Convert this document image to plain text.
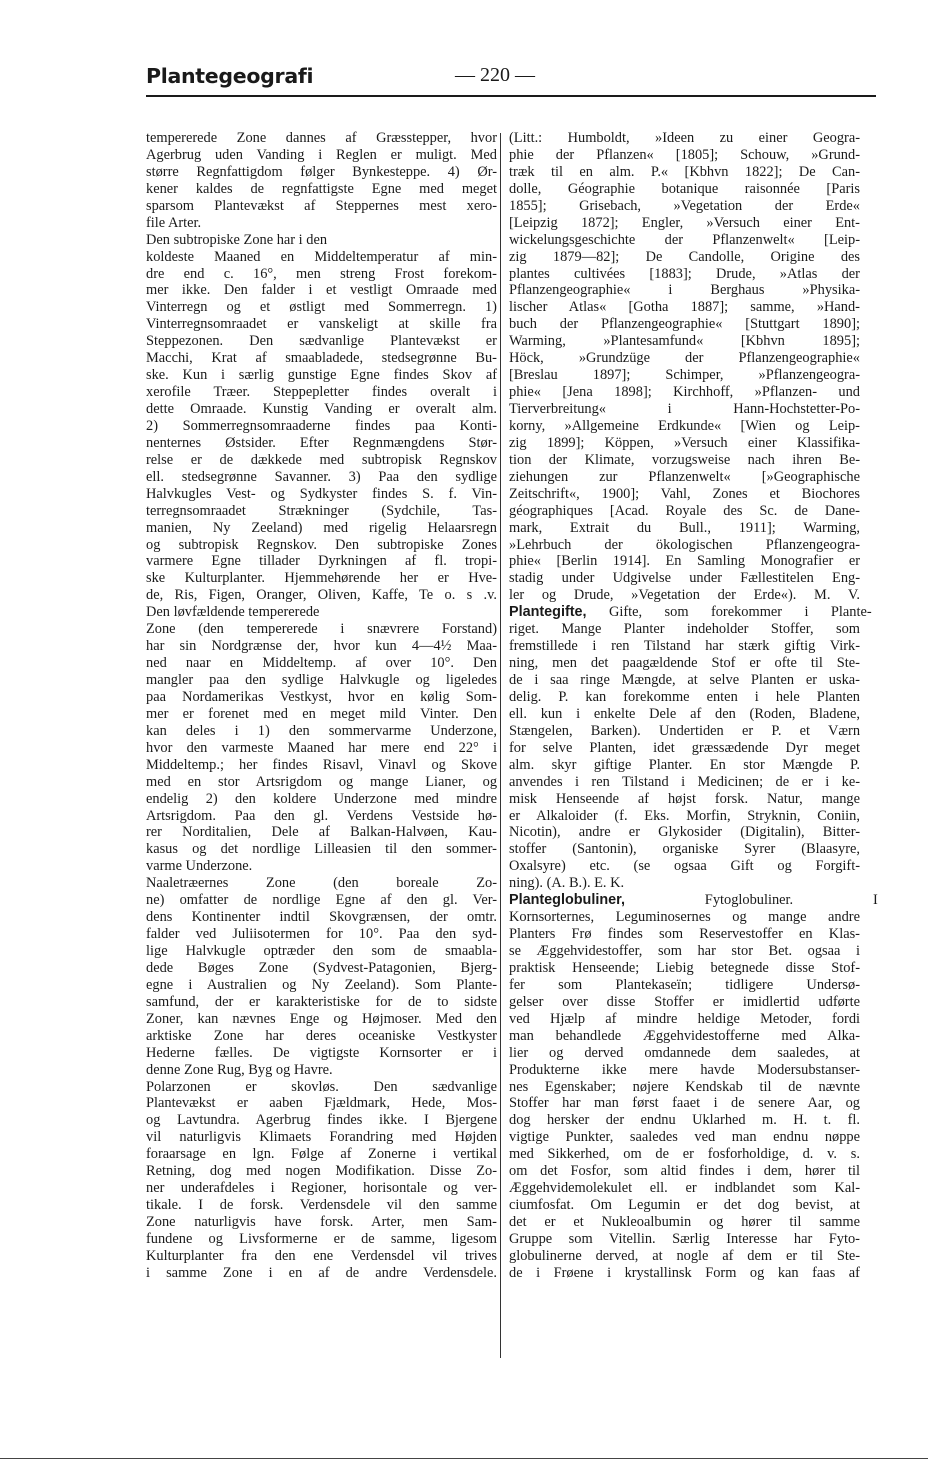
Plantegeografi	— 220 —
tempererede Zone dannes af Græsstepper, hvor
Agerbrug uden Vanding i Reglen er muligt. Med
større Regnfattigdom følger Bynkesteppe. 4) Ør-
kener kaldes de regnfattigste Egne med meget
sparsom Plantevækst af Steppernes mest xero-
file Arter.
Den subtropiske Zone har i den
koldeste Maaned en Middeltemperatur af min-
dre end c. 16°, men streng Frost forekom-
mer ikke. Den falder i et vestligt Omraade med
Vinterregn og et østligt med Sommerregn. 1)
Vinterregnsomraadet er vanskeligt at skille fra
Steppezonen. Den sædvanlige Plantevækst er
Macchi, Krat af smaabladede, stedsegrønne Bu-
ske. Kun i særlig gunstige Egne findes Skov af
xerofile Træer. Steppepletter findes overalt i
dette Omraade. Kunstig Vanding er overalt alm.
2) Sommerregnsomraaderne findes paa Konti-
nenternes Østsider. Efter Regnmængdens Stør-
relse er de dækkede med subtropisk Regnskov
ell. stedsegrønne Savanner. 3) Paa den sydlige
Halvkugles Vest- og Sydkyster findes S. f. Vin-
terregnsomraadet Strækninger (Sydchile, Tas-
manien, Ny Zeeland) med rigelig Helaarsregn
og subtropisk Regnskov. Den subtropiske Zones
varmere Egne tillader Dyrkningen af fl. tropi-
ske Kulturplanter. Hjemmehørende her er Hve-
de, Ris, Figen, Oranger, Oliven, Kaffe, Te o. s .v.
Den løvfældende tempererede
Zone (den tempererede i snævrere Forstand)
har sin Nordgrænse der, hvor kun 4—4½ Maa-
ned naar en Middeltemp. af over 10°. Den
mangler paa den sydlige Halvkugle og ligeledes
paa Nordamerikas Vestkyst, hvor en kølig Som-
mer er forenet med en meget mild Vinter. Den
kan deles i 1) den sommervarme Underzone,
hvor den varmeste Maaned har mere end 22° i
Middeltemp.; her findes Risavl, Vinavl og Skove
med en stor Artsrigdom og mange Lianer, og
endelig 2) den koldere Underzone med mindre
Artsrigdom. Paa den gl. Verdens Vestside hø-
rer Norditalien, Dele af Balkan-Halvøen, Kau-
kasus og det nordlige Lilleasien til den sommer-
varme Underzone.
Naaletræernes Zone (den boreale Zo-
ne) omfatter de nordlige Egne af den gl. Ver-
dens Kontinenter indtil Skovgrænsen, der omtr.
falder ved Juliisotermen for 10°. Paa den syd-
lige Halvkugle optræder den som de smaabla-
dede Bøges Zone (Sydvest-Patagonien, Bjerg-
egne i Australien og Ny Zeeland). Som Plante-
samfund, der er karakteristiske for de to sidste
Zoner, kan nævnes Enge og Højmoser. Med den
arktiske Zone har deres oceaniske Vestkyster
Hederne fælles. De vigtigste Kornsorter er i
denne Zone Rug, Byg og Havre.
Polarzonen er skovløs. Den sædvanlige
Plantevækst er aaben Fjældmark, Hede, Mos-
og Lavtundra. Agerbrug findes ikke. I Bjergene
vil naturligvis Klimaets Forandring med Højden
foraarsage en lgn. Følge af Zonerne i vertikal
Retning, dog med nogen Modifikation. Disse Zo-
ner underafdeles i Regioner, horisontale og ver-
tikale. I de forsk. Verdensdele vil den samme
Zone naturligvis have forsk. Arter, men Sam-
fundene og Livsformerne er de samme, ligesom
Kulturplanter fra den ene Verdensdel vil trives
i samme Zone i en af de andre Verdensdele.
(Litt.: Humboldt, »Ideen zu einer Geogra-
phie der Pflanzen« [1805]; Schouw, »Grund-
træk til en alm. P.« [Kbhvn 1822]; De Can-
dolle, Géographie botanique raisonnée [Paris
1855]; Grisebach, »Vegetation der Erde«
[Leipzig 1872]; Engler, »Versuch einer Ent-
wickelungsgeschichte der Pflanzenwelt« [Leip-
zig 1879—82]; De Candolle, Origine des
plantes cultivées [1883]; Drude, »Atlas der
Pflanzengeographie« i Berghaus »Physika-
lischer Atlas« [Gotha 1887]; samme, »Hand-
buch der Pflanzengeographie« [Stuttgart 1890];
Warming, »Plantesamfund« [Kbhvn 1895];
Höck, »Grundzüge der Pflanzengeographie«
[Breslau 1897]; Schimper, »Pflanzengeogra-
phie« [Jena 1898]; Kirchhoff, »Pflanzen- und
Tierverbreitung« i Hann-Hochstetter-Po-
korny, »Allgemeine Erdkunde« [Wien og Leip-
zig 1899]; Köppen, »Versuch einer Klassifika-
tion der Klimate, vorzugsweise nach ihren Be-
ziehungen zur Pflanzenwelt« [»Geographische
Zeitschrift«, 1900]; Vahl, Zones et Biochores
géographiques [Acad. Royale des Sc. de Dane-
mark, Extrait du Bull., 1911]; Warming,
»Lehrbuch der ökologischen Pflanzengeogra-
phie« [Berlin 1914]. En Samling Monografier er
stadig under Udgivelse under Fællestitelen Eng-
ler og Drude, »Vegetation der Erde«). M. V.
Plantegifte, Gifte, som forekommer i Plante-
riget. Mange Planter indeholder Stoffer, som
fremstillede i ren Tilstand har stærk giftig Virk-
ning, men det paagældende Stof er ofte til Ste-
de i saa ringe Mængde, at selve Planten er uska-
delig. P. kan forekomme enten i hele Planten
ell. kun i enkelte Dele af den (Roden, Bladene,
Stængelen, Barken). Undertiden er P. et Værn
for selve Planten, idet græssædende Dyr meget
alm. skyr giftige Planter. En stor Mængde P.
anvendes i ren Tilstand i Medicinen; de er i ke-
misk Henseende af højst forsk. Natur, mange
er Alkaloider (f. Eks. Morfin, Stryknin, Coniin,
Nicotin), andre er Glykosider (Digitalin), Bitter-
stoffer (Santonin), organiske Syrer (Blaasyre,
Oxalsyre) etc. (se ogsaa Gift og Forgift-
ning). (A. B.). E. K.
Planteglobuliner, Fytoglobuliner. I
Kornsorternes, Leguminosernes og mange andre
Planters Frø findes som Reservestoffer en Klas-
se Æggehvidestoffer, som har stor Bet. ogsaa i
praktisk Henseende; Liebig betegnede disse Stof-
fer som Plantekaseïn; tidligere Undersø-
gelser over disse Stoffer er imidlertid udførte
ved Hjælp af mindre heldige Metoder, fordi
man behandlede Æggehvidestofferne med Alka-
lier og derved omdannede dem saaledes, at
Produkterne ikke mere havde Modersubstanser-
nes Egenskaber; nøjere Kendskab til de nævnte
Stoffer har man først faaet i de senere Aar, og
dog hersker der endnu Uklarhed m. H. t. fl.
vigtige Punkter, saaledes ved man endnu nøppe
med Sikkerhed, om de er fosforholdige, d. v. s.
om det Fosfor, som altid findes i dem, hører til
Æggehvidemolekulet ell. er indblandet som Kal-
ciumfosfat. Om Legumin er det dog bevist, at
det er et Nukleoalbumin og hører til samme
Gruppe som Vitellin. Særlig Interesse har Fyto-
globulinerne derved, at nogle af dem er til Ste-
de i Frøene i krystallinsk Form og kan faas af
